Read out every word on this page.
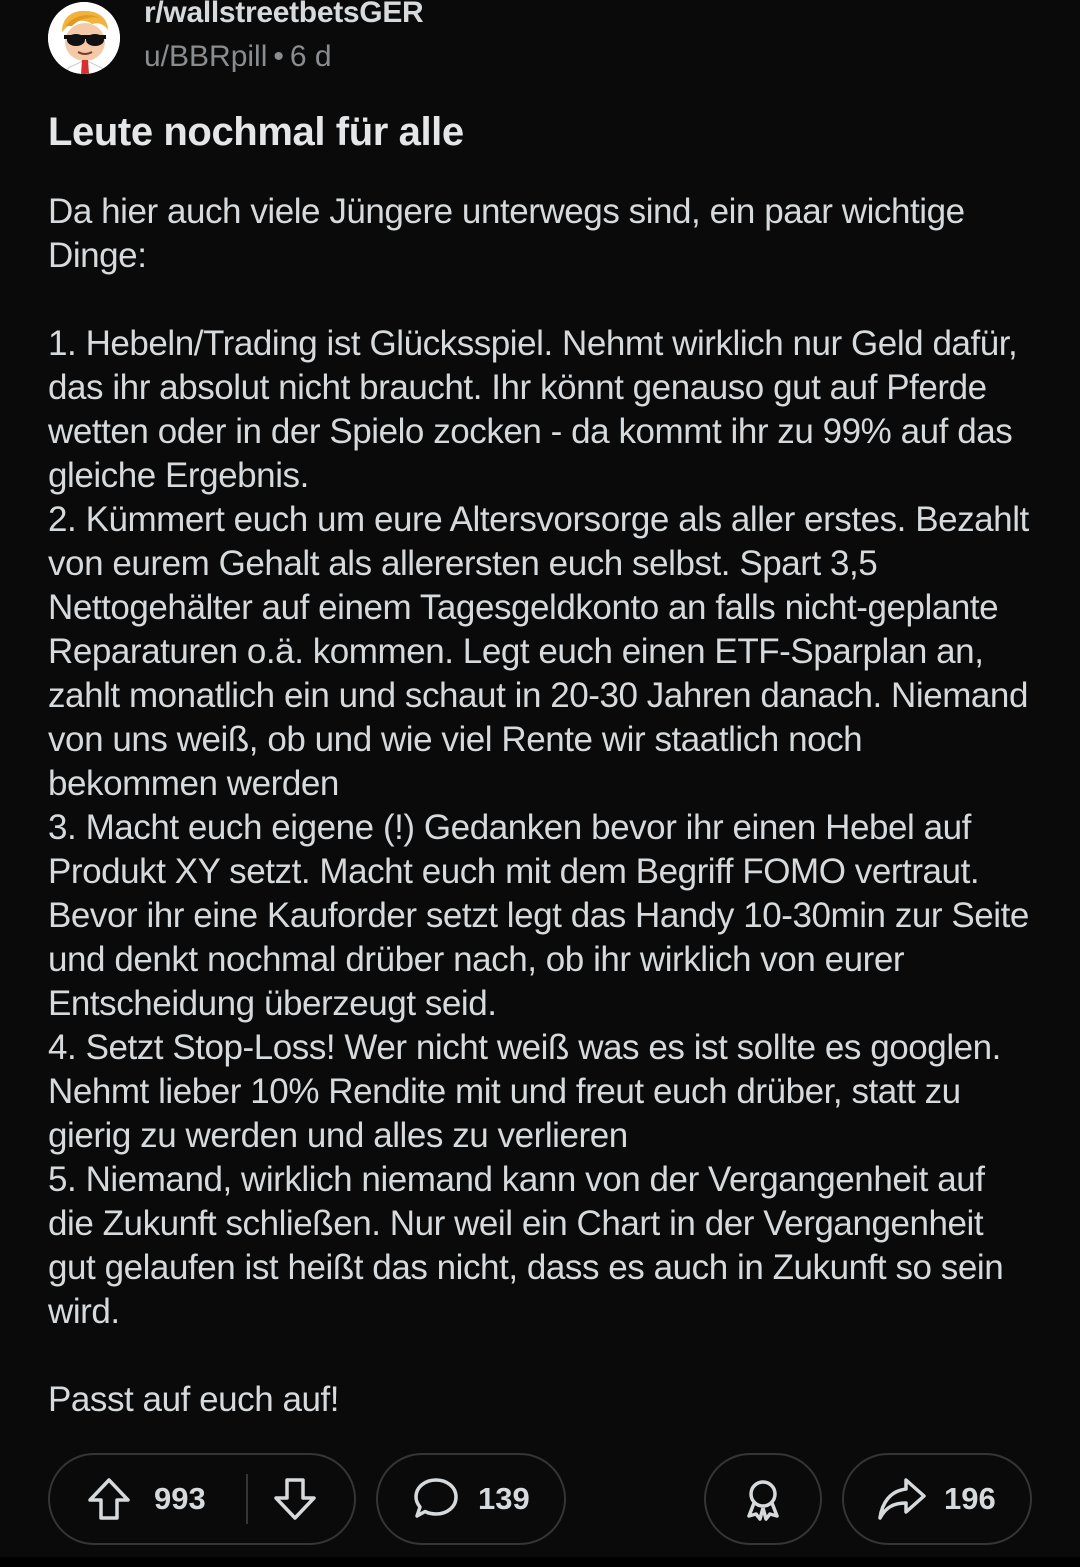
r/wallstreetbetsGER
u/BBRpill • 6 d
Leute nochmal für alle

Da hier auch viele Jüngere unterwegs sind, ein paar wichtige Dinge:

1. Hebeln/Trading ist Glücksspiel. Nehmt wirklich nur Geld dafür, das ihr absolut nicht braucht. Ihr könnt genauso gut auf Pferde wetten oder in der Spielo zocken - da kommt ihr zu 99% auf das gleiche Ergebnis.

2. Kümmert euch um eure Altersvorsorge als aller erstes. Bezahlt von eurem Gehalt als allerersten euch selbst. Spart 3,5 Nettogehälter auf einem Tagesgeldkonto an falls nicht-geplante Reparaturen o.ä. kommen. Legt euch einen ETF-Sparplan an, zahlt monatlich ein und schaut in 20-30 Jahren danach. Niemand von uns weiß, ob und wie viel Rente wir staatlich noch bekommen werden

3. Macht euch eigene (!) Gedanken bevor ihr einen Hebel auf Produkt XY setzt. Macht euch mit dem Begriff FOMO vertraut. Bevor ihr eine Kauforder setzt legt das Handy 10-30min zur Seite und denkt nochmal drüber nach, ob ihr wirklich von eurer Entscheidung überzeugt seid.

4. Setzt Stop-Loss! Wer nicht weiß was es ist sollte es googlen. Nehmt lieber 10% Rendite mit und freut euch drüber, statt zu gierig zu werden und alles zu verlieren

5. Niemand, wirklich niemand kann von der Vergangenheit auf die Zukunft schließen. Nur weil ein Chart in der Vergangenheit gut gelaufen ist heißt das nicht, dass es auch in Zukunft so sein wird.

Passt auf euch auf!

993	139	196
